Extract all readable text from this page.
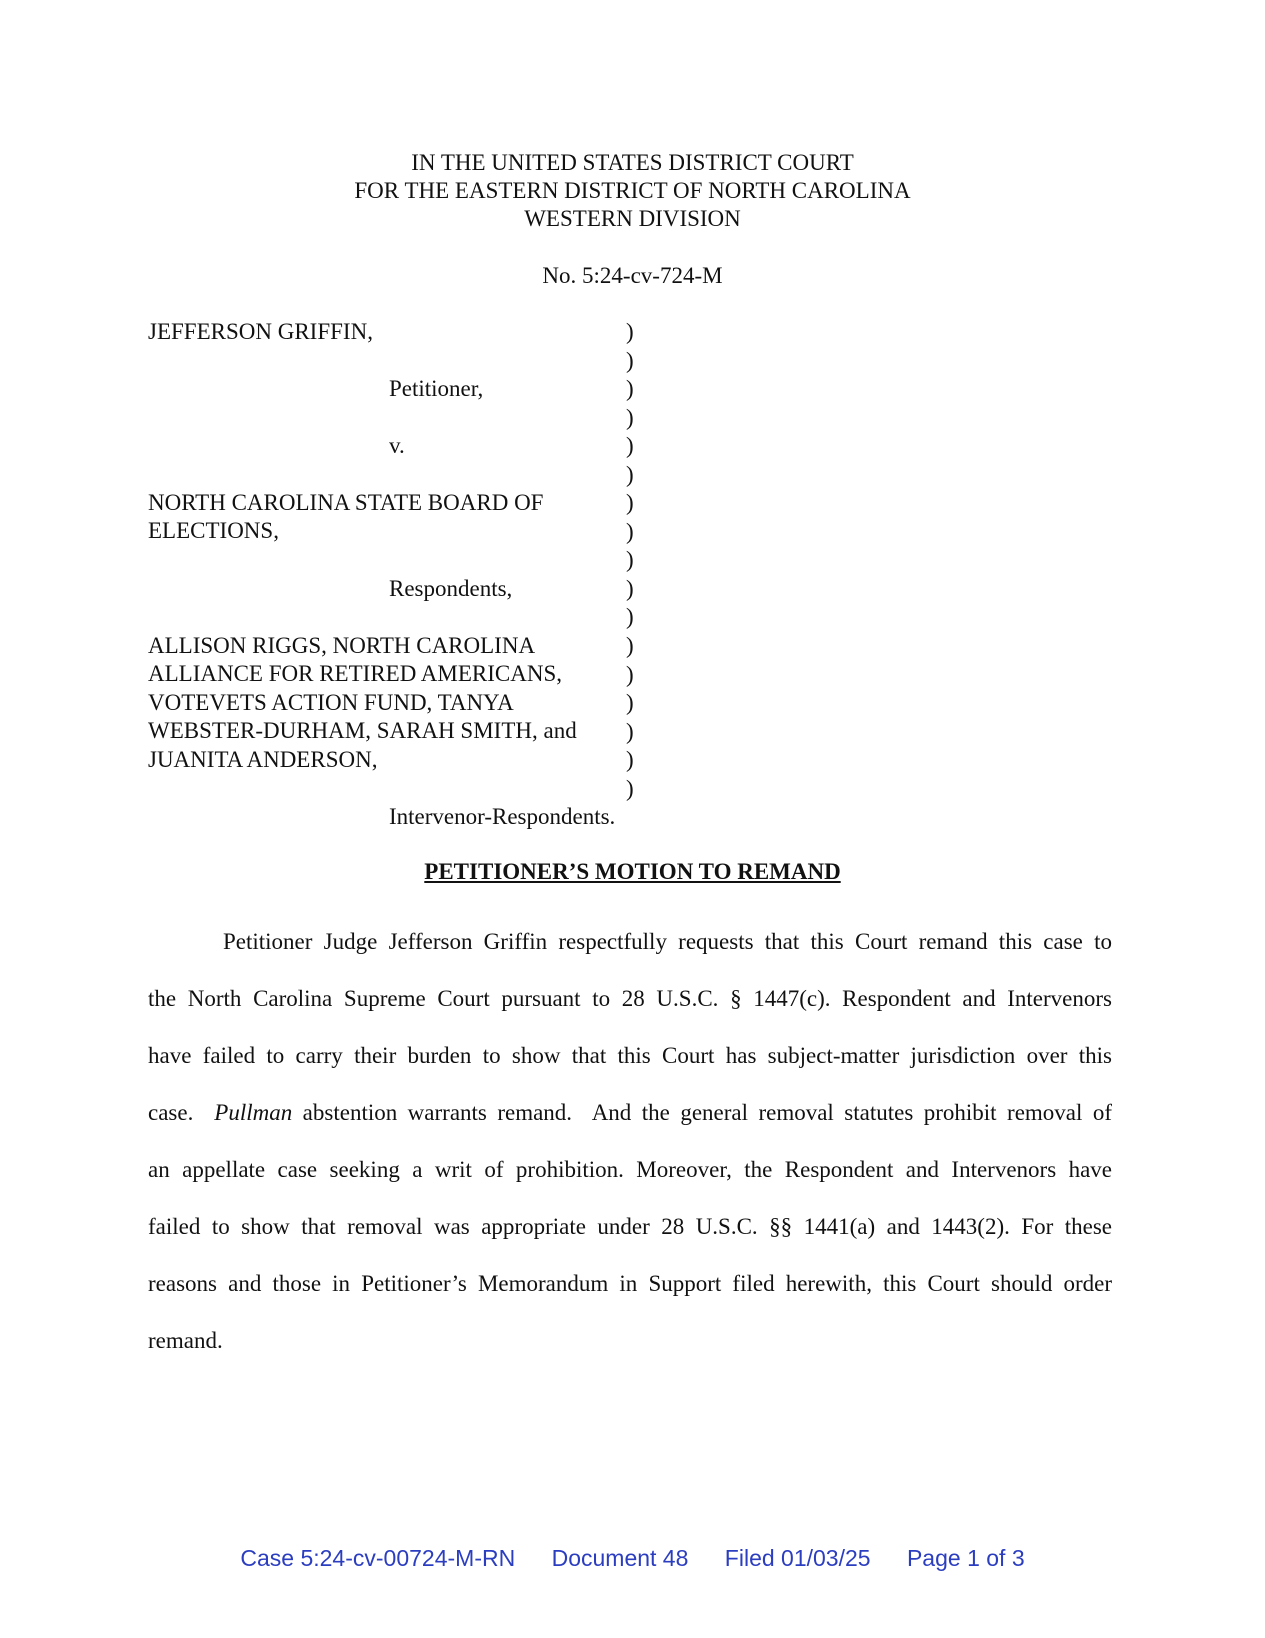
IN THE UNITED STATES DISTRICT COURT
FOR THE EASTERN DISTRICT OF NORTH CAROLINA
WESTERN DIVISION
No. 5:24-cv-724-M
JEFFERSON GRIFFIN,
Petitioner,
v.
NORTH CAROLINA STATE BOARD OF
ELECTIONS,
Respondents,
ALLISON RIGGS, NORTH CAROLINA
ALLIANCE FOR RETIRED AMERICANS,
VOTEVETS ACTION FUND, TANYA
WEBSTER-DURHAM, SARAH SMITH, and
JUANITA ANDERSON,
Intervenor-Respondents.
)
)
)
)
)
)
)
)
)
)
)
)
)
)
)
)
)
PETITIONER’S MOTION TO REMAND
Petitioner Judge Jefferson Griffin respectfully requests that this Court remand this case to
the North Carolina Supreme Court pursuant to 28 U.S.C. § 1447(c). Respondent and Intervenors
have failed to carry their burden to show that this Court has subject-matter jurisdiction over this
case.  Pullman abstention warrants remand.  And the general removal statutes prohibit removal of
an appellate case seeking a writ of prohibition. Moreover, the Respondent and Intervenors have
failed to show that removal was appropriate under 28 U.S.C. §§ 1441(a) and 1443(2). For these
reasons and those in Petitioner’s Memorandum in Support filed herewith, this Court should order
remand.
Case 5:24-cv-00724-M-RN Document 48 Filed 01/03/25 Page 1 of 3
